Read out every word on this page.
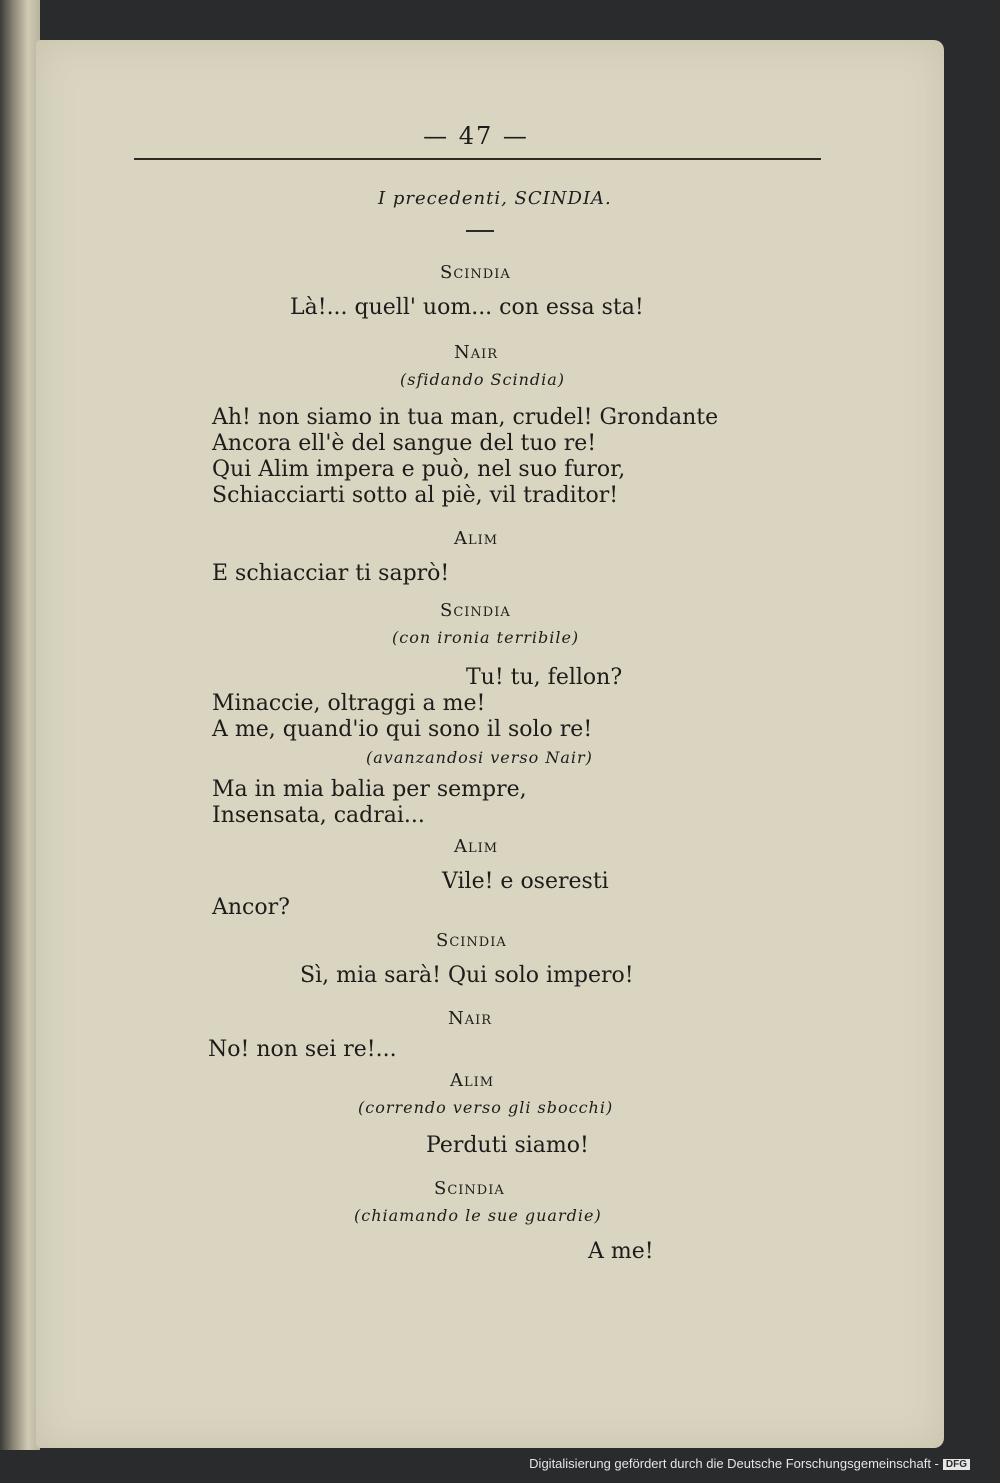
— 47 —
I precedenti, SCINDIA.
Scindia
Là!... quell' uom... con essa sta!
Nair
(sfidando Scindia)
Ah! non siamo in tua man, crudel! Grondante
Ancora ell'è del sangue del tuo re!
Qui Alim impera e può, nel suo furor,
Schiacciarti sotto al piè, vil traditor!
Alim
E schiacciar ti saprò!
Scindia
(con ironia terribile)
Tu! tu, fellon?
Minaccie, oltraggi a me!
A me, quand'io qui sono il solo re!
(avanzandosi verso Nair)
Ma in mia balia per sempre,
Insensata, cadrai...
Alim
Vile! e oseresti
Ancor?
Scindia
Sì, mia sarà! Qui solo impero!
Nair
No! non sei re!...
Alim
(correndo verso gli sbocchi)
Perduti siamo!
Scindia
(chiamando le sue guardie)
A me!
Digitalisierung gefördert durch die Deutsche Forschungsgemeinschaft - DFG
